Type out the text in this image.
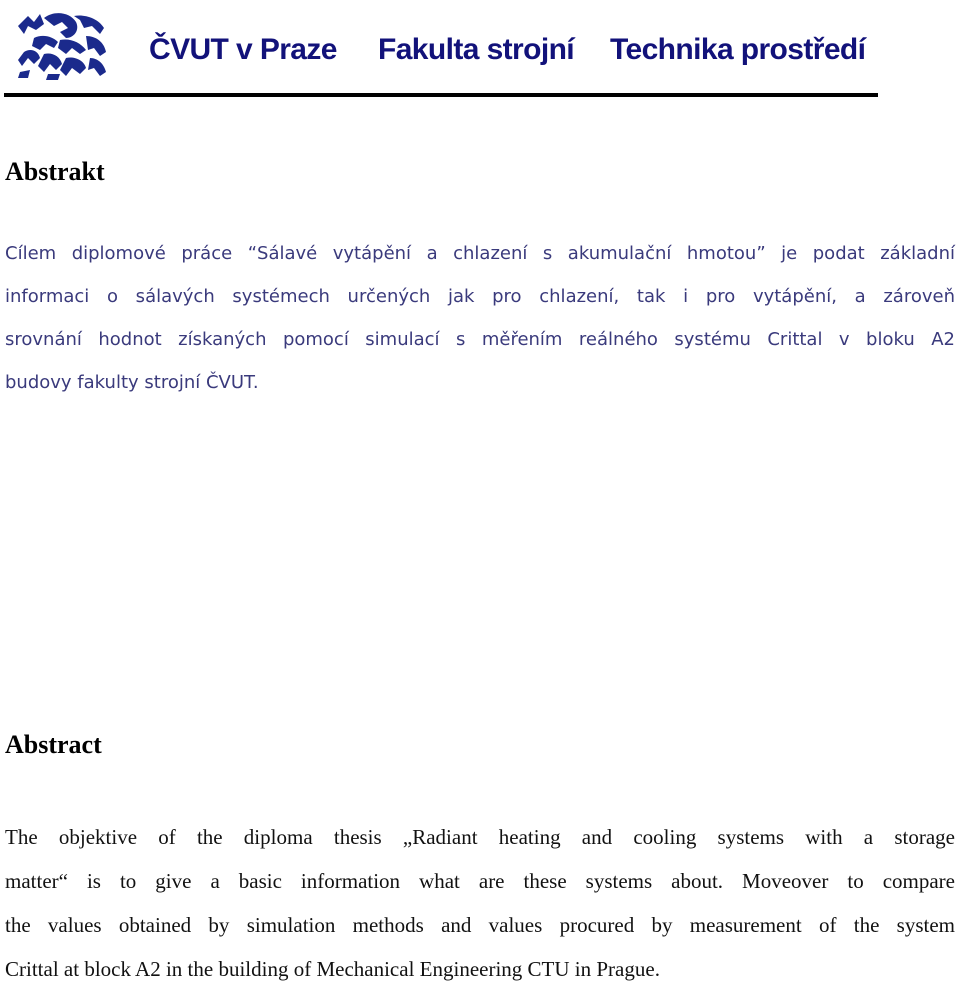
ČVUT v Praze Fakulta strojní Technika prostředí
Abstrakt
Cílem diplomové práce “Sálavé vytápění a chlazení s akumulační hmotou” je podat základní
informaci o sálavých systémech určených jak pro chlazení, tak i pro vytápění, a zároveň
srovnání hodnot získaných pomocí simulací s měřením reálného systému Crittal v bloku A2
budovy fakulty strojní ČVUT.
Abstract
The objektive of the diploma thesis „Radiant heating and cooling systems with a storage
matter“ is to give a basic information what are these systems about. Moveover to compare
the values obtained by simulation methods and values procured by measurement of the system
Crittal at block A2 in the building of Mechanical Engineering CTU in Prague.
